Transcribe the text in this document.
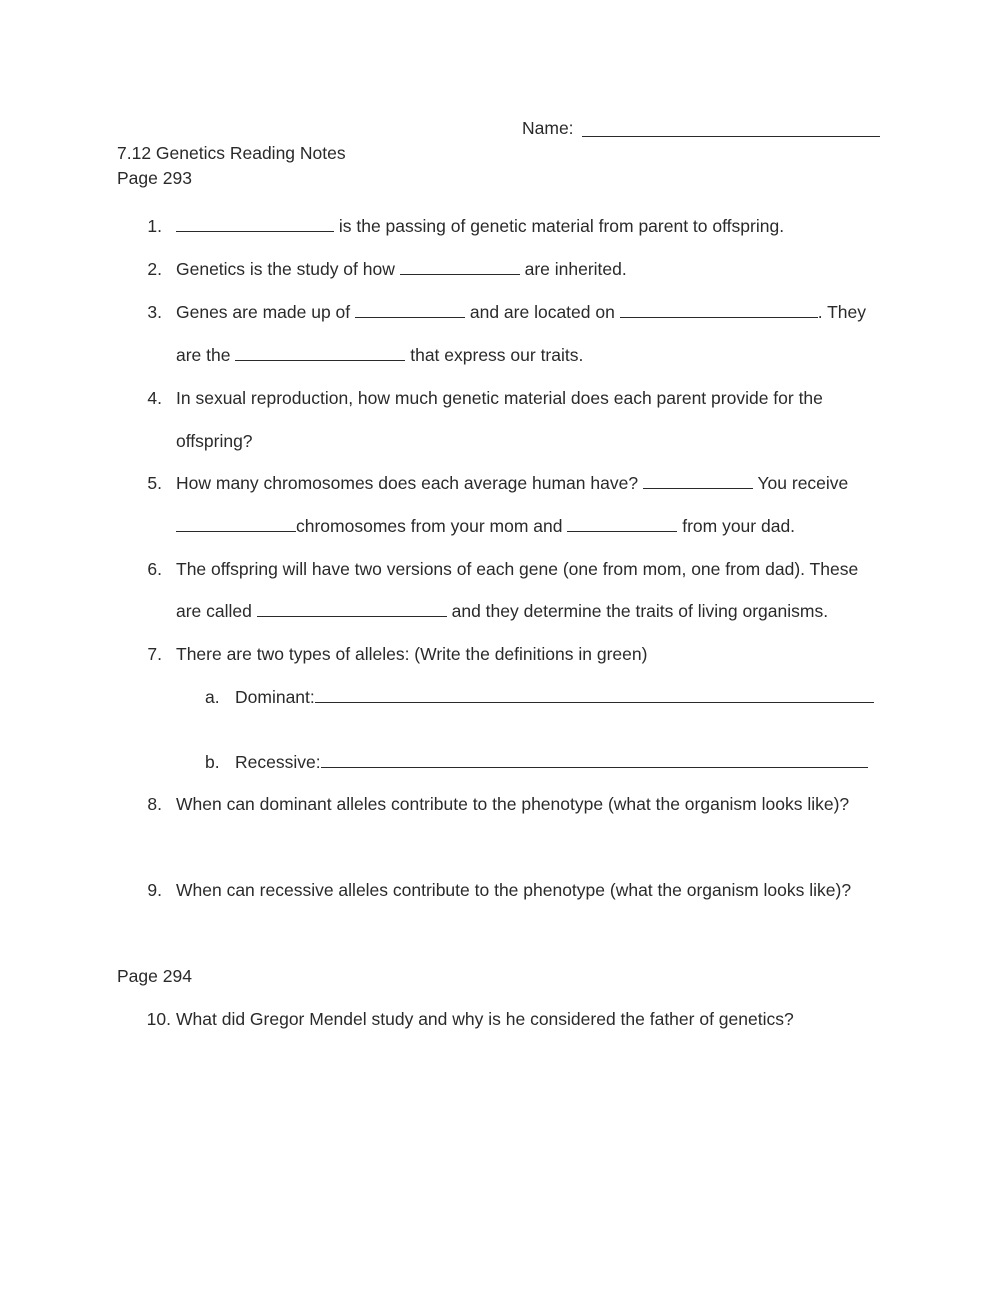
Name:
7.12 Genetics Reading Notes
Page 293
1.	is the passing of genetic material from parent to offspring.
2. Genetics is the study of how	are inherited.
3. Genes are made up of	and are located on	. They
are the	that express our traits.
4. In sexual reproduction, how much genetic material does each parent provide for the
offspring?
5. How many chromosomes does each average human have?	You receive
chromosomes from your mom and	from your dad.
6. The offspring will have two versions of each gene (one from mom, one from dad). These
are called	and they determine the traits of living organisms.
7. There are two types of alleles: (Write the definitions in green)
a. Dominant:
b. Recessive:
8. When can dominant alleles contribute to the phenotype (what the organism looks like)?
9. When can recessive alleles contribute to the phenotype (what the organism looks like)?
Page 294
10. What did Gregor Mendel study and why is he considered the father of genetics?
